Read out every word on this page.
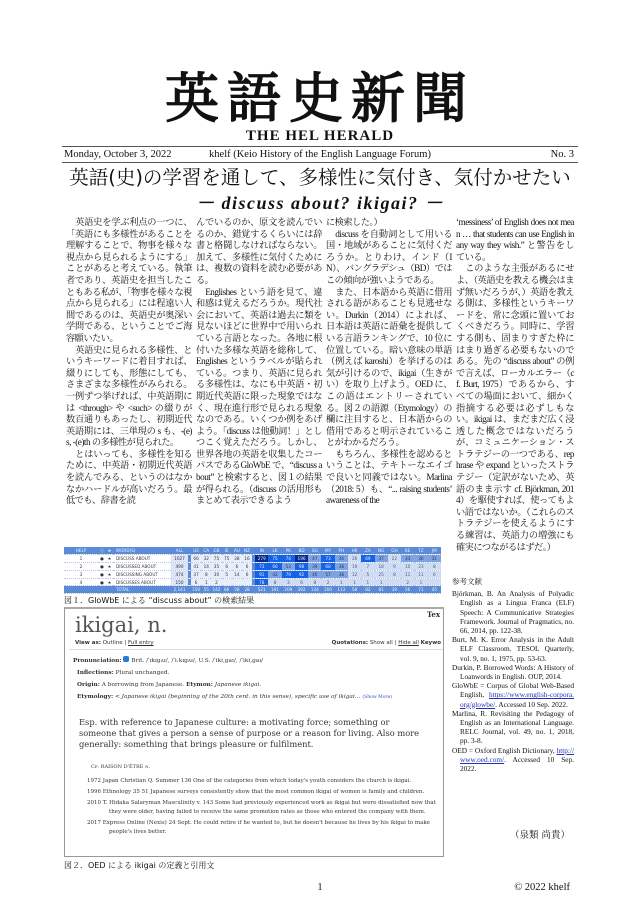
英語史新聞
THE HEL HERALD
Monday, October 3, 2022	khelf (Keio History of the English Language Forum)	No. 3
英語(史)の学習を通して、多様性に気付き、気付かせたい
－ discuss about? ikigai? －

英語史を学ぶ利点の一つに、「英語にも多様性があることを理解することで、物事を様々な視点から見られるようにする」ことがあると考えている。執筆者であり、英語史を担当したこともある私が、「物事を様々な視点から見られる」には程遠い人間であるのは、英語史が奥深い学問である、ということでご海容願いたい。

英語史に見られる多様性、というキーワードに着目すれば、綴りにしても、形態にしても、さまざまな多様性がみられる。一例ずつ挙げれば、中英語期には <through> や <such> の綴りが数百通りもあったし、初期近代英語期には、三単現の s も、-(e)s, -(e)th の多様性が見られた。

とはいっても、多様性を知るために、中英語・初期近代英語を読んでみる、というのはなかなかハードルが高いだろう。最低でも、辞書を読

んでいるのか、原文を読んでいるのか、錯覚するくらいには辞書と格闘しなければならない。加えて、多様性に気付くためには、複数の資料を読む必要がある。

Englishes という語を見て、違和感は覚えるだろうか。現代社会において、英語は過去に類を見ないほどに世界中で用いられている言語となった。各地に根付いた多様な英語を総称して、Englishes というラベルが貼られている。つまり、英語に見られる多様性は、なにも中英語・初期近代英語に限った現象ではなく、現在進行形で見られる現象なのである。いくつか例をあげよう。「discuss は他動詞！」としつこく覚えただろう。しかし、世界各地の英語を収集したコーパスであるGloWbE で、“discuss about” と検索すると、図１の結果が得られる。（discuss の活用形もまとめて表示できるよう

に検索した。）

discuss を自動詞として用いる国・地域があることに気付くだろうか。とりわけ、インド（IN）、バングラデシュ（BD）ではこの傾向が強いようである。

また、日本語から英語に借用される語があることも見逃せない。Durkin（2014）によれば、日本語は英語に語彙を提供している言語ランキングで、10 位に位置している。暗い意味の単語（例えば karoshi）を挙げるのは気が引けるので、ikigai（生きがい）を取り上げよう。OED に、この語はエントリーされている。図２の語源（Etymology）の欄に注目すると、日本語からの借用であると明示されていることがわかるだろう。

もちろん、多様性を認めるということは、テキトーなエイゴで良いと同義ではない。Marlina（2018: 5）も、“... raising students’ awareness of the

‘messiness’ of English does not mean … that students can use English in any way they wish.” と警告をしている。

このような主張があるにせよ、（英語史を教える機会はまず無いだろうが、）英語を教える側は、多様性というキーワードを、常に念頭に置いておくべきだろう。同時に、学習する側も、固まりすぎた枠にはまり過ぎる必要もないのである。先の “discuss about” の例で言えば、ローカルエラー（cf. Burt, 1975）であるから、すべての場面において、細かく指摘する必要は必ずしもない。ikigai は、まだまだ広く浸透した概念ではないだろうが、コミュニケーション・ストラテジーの一つである、rephrase や expand といったストラテジー（定訳がないため、英語のまま示す cf. Björkman, 2014）を駆使すれば、使ってもよい語ではないか。（これらのストラテジーを使えるようにする練習は、英語力の増強にも確実につながるはずだ。）

HELP	ⓘ	★	WORD(S)	ALL		US	CA	GB	IE	AU	NZ		IN	LK	PK	BD	SG	MY	PH	HK	ZA	NG	GH	KE	TZ	JM
1	●	★	DISCUSS ABOUT	1027		66	32	75	75	38	16		279	75	74	196	47	73	36	26	69	37	22	33	36	31
2	●	★	DISCUSSED ABOUT	490		41	14	35	6	6	6		73	66	53	98	39	68	38	19	7	18	9	10	23	8
3	●	★	DISCUSSING ABOUT	474		37	8	30	5	14	6		91	42	79	92	40	57	38	12	5	25	8	11	11	6
4	●	★	DISCUSSES ABOUT	150		6	1	2					78	8	3	6	8	2	1	1	1	1		2	1	
			TOTAL	2,141		150	55	142	86	58	28		521	191	209	392	134	200	113	58	82	81	39	56	71	45
図１．GloWbE による “discuss about” の検索結果
Tex
ikigai, n.
View as: Outline | Full entry	Quotations: Show all | Hide all Keywo
Pronunciation: Brit. /ˈɪkɪɡʌɪ/, /ˈiːkɪɡʌɪ/, U.S. /ˈiki,ɡaɪ/, /ˈiki,ɡaɪ/
Inflections: Plural unchanged.
Origin: A borrowing from Japanese. Etymon: Japanese ikigai.
Etymology: < Japanese ikigai (beginning of the 20th cent. in this sense), specific use of ikigai… (Show More)
Esp. with reference to Japanese culture: a motivating force; something or someone that gives a person a sense of purpose or a reason for living. Also more generally: something that brings pleasure or fulfilment.
Cf. RAISON D'ÊTRE n.
1972 Japan Christian Q. Summer 136 One of the categories from which today's youth considers the church is ikigai.
1996 Ethnology 35 51 Japanese surveys consistently show that the most common ikigai of women is family and children.
2010 T. Hidaka Salaryman Masculinity v. 143 Some had previously experienced work as ikigai but were dissatisfied now that they were older, having failed to receive the same promotion rates as those who entered the company with them.
2017 Express Online (Nexis) 24 Sept. He could retire if he wanted to, but he doesn't because he lives by his ikigai to make people's lives better.
図２．OED による ikigai の定義と引用文
参考文献
Björkman, B. An Analysis of Polyadic English as a Lingua Franca (ELF) Speech: A Communicative Strategies Framework. Journal of Pragmatics, no. 66, 2014, pp. 122-38.
Burt, M. K. Error Analysis in the Adult ELF Classroom. TESOL Quarterly, vol. 9, no. 1, 1975, pp. 53-63.
Durkin, P. Borrowed Words: A History of Loanwords in English. OUP, 2014.
GloWbE = Corpus of Global Web-Based English, https://www.english-corpora.org/glowbe/. Accessed 10 Sep. 2022.
Marlina, R. Revisiting the Pedagogy of English as an International Language. RELC Journal, vol. 49, no. 1, 2018, pp. 3-8.
OED = Oxford English Dictionary, http://www.oed.com/. Accessed 10 Sep. 2022.
（泉類 尚貴）
1	© 2022 khelf
